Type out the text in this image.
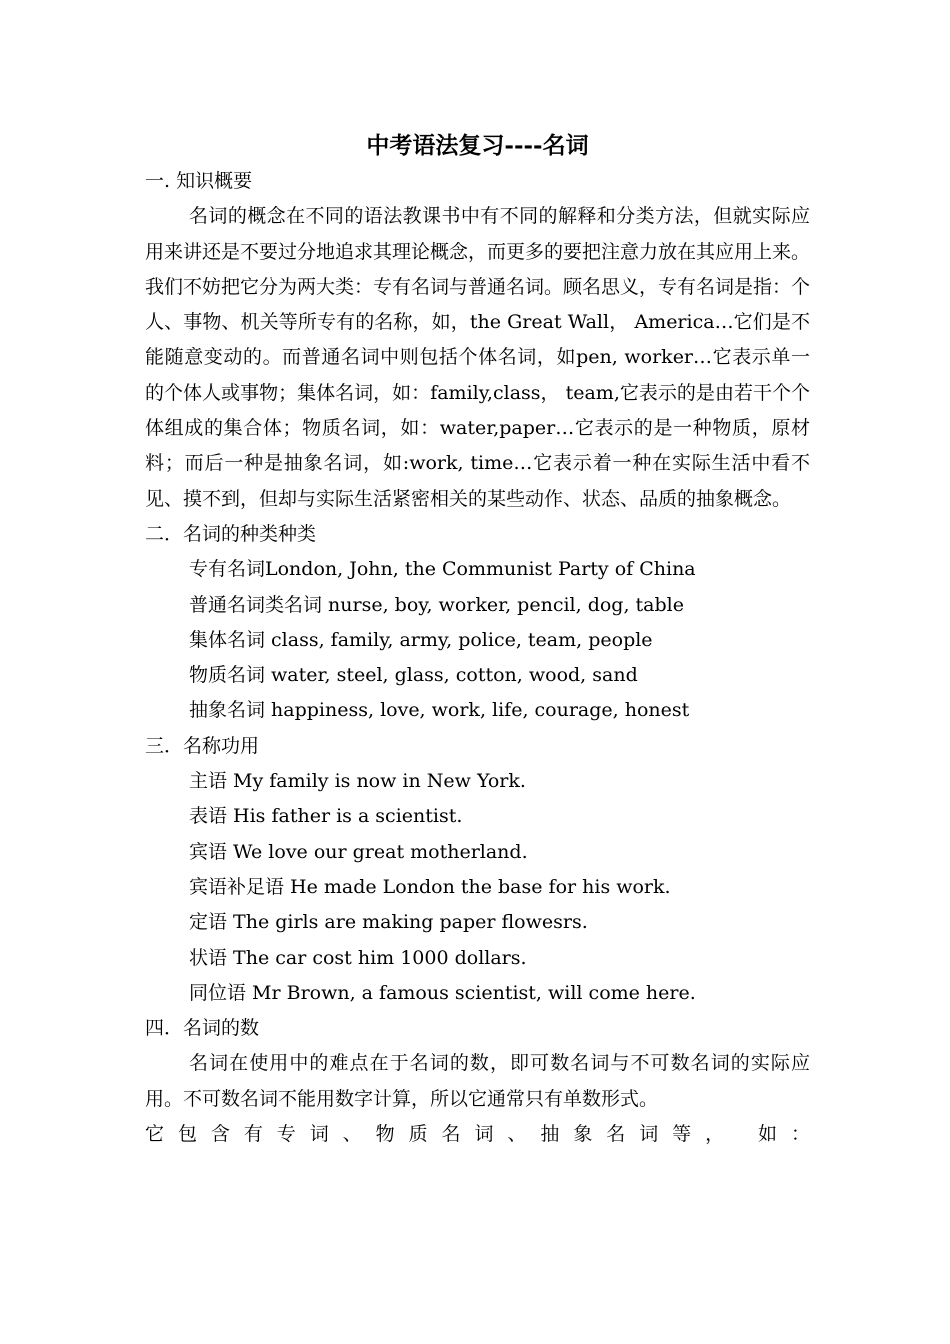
中考语法复习----名词

一. 知识概要

名词的概念在不同的语法教课书中有不同的解释和分类方法，但就实际应用来讲还是不要过分地追求其理论概念，而更多的要把注意力放在其应用上来。我们不妨把它分为两大类：专有名词与普通名词。顾名思义，专有名词是指：个人、事物、机关等所专有的名称，如，the Great Wall， America…它们是不能随意变动的。而普通名词中则包括个体名词，如pen, worker…它表示单一的个体人或事物；集体名词，如：family,class， team,它表示的是由若干个个体组成的集合体；物质名词，如：water,paper…它表示的是一种物质，原材料；而后一种是抽象名词，如:work, time…它表示着一种在实际生活中看不见、摸不到，但却与实际生活紧密相关的某些动作、状态、品质的抽象概念。

二．名词的种类种类

专有名词London, John, the Communist Party of China

普通名词类名词 nurse, boy, worker, pencil, dog, table

集体名词 class, family, army, police, team, people

物质名词 water, steel, glass, cotton, wood, sand

抽象名词 happiness, love, work, life, courage, honest

三．名称功用

主语 My family is now in New York.

表语 His father is a scientist.

宾语 We love our great motherland.

宾语补足语 He made London the base for his work.

定语 The girls are making paper flowesrs.

状语 The car cost him 1000 dollars.

同位语 Mr Brown, a famous scientist, will come here.

四．名词的数

名词在使用中的难点在于名词的数，即可数名词与不可数名词的实际应用。不可数名词不能用数字计算，所以它通常只有单数形式。

它包含有专词、物质名词、抽象名词等， 如：
